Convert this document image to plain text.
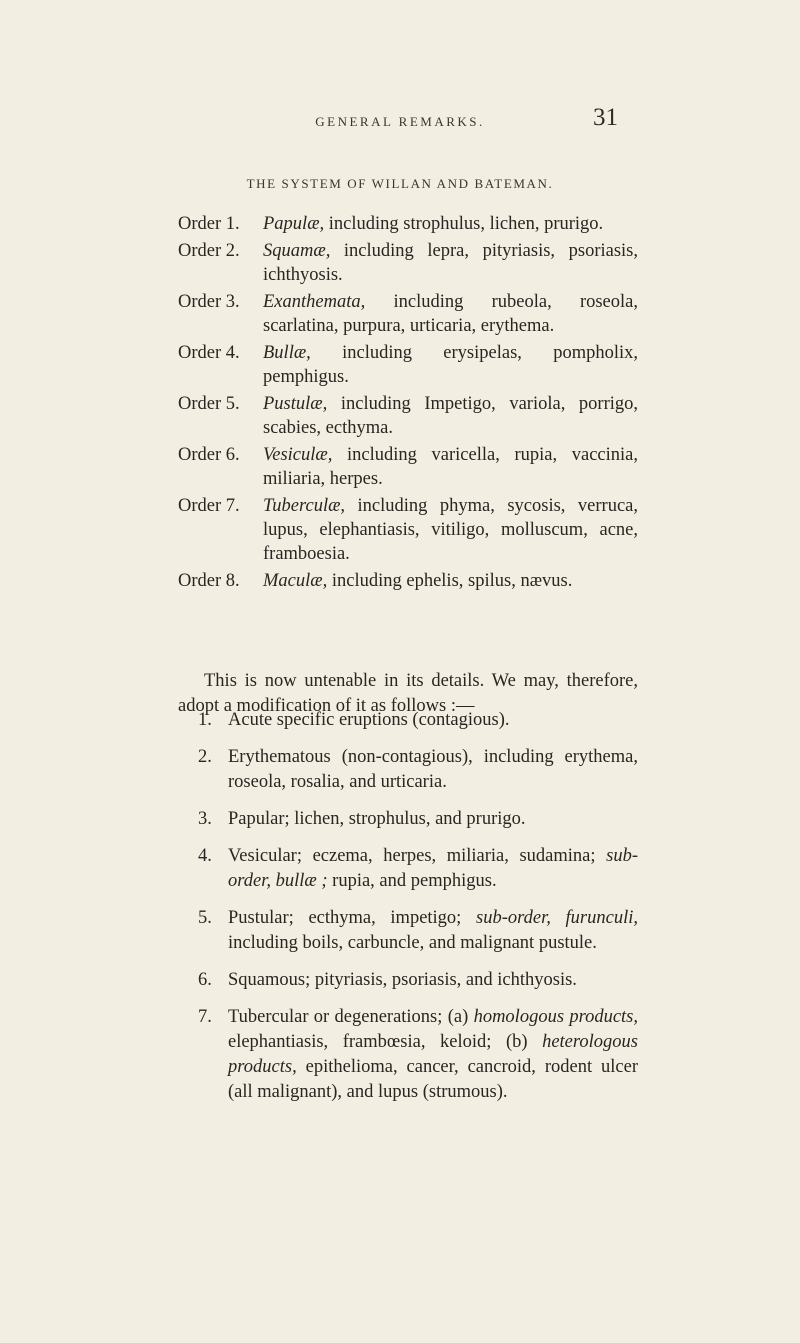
GENERAL REMARKS.	31
THE SYSTEM OF WILLAN AND BATEMAN.
Order 1. Papulæ, including strophulus, lichen, prurigo.
Order 2. Squamæ, including lepra, pityriasis, psoriasis, ichthyosis.
Order 3. Exanthemata, including rubeola, roseola, scarlatina, purpura, urticaria, erythema.
Order 4. Bullæ, including erysipelas, pompholix, pemphigus.
Order 5. Pustulæ, including Impetigo, variola, porrigo, scabies, ecthyma.
Order 6. Vesiculæ, including varicella, rupia, vaccinia, miliaria, herpes.
Order 7. Tuberculæ, including phyma, sycosis, verruca, lupus, elephantiasis, vitiligo, molluscum, acne, framboesia.
Order 8. Maculæ, including ephelis, spilus, nævus.

This is now untenable in its details. We may, therefore, adopt a modification of it as follows :—

1. Acute specific eruptions (contagious).
2. Erythematous (non-contagious), including erythema, roseola, rosalia, and urticaria.
3. Papular; lichen, strophulus, and prurigo.
4. Vesicular; eczema, herpes, miliaria, sudamina; sub-order, bullæ ; rupia, and pemphigus.
5. Pustular; ecthyma, impetigo; sub-order, furunculi, including boils, carbuncle, and malignant pustule.
6. Squamous; pityriasis, psoriasis, and ichthyosis.
7. Tubercular or degenerations; (a) homologous products, elephantiasis, frambœsia, keloid; (b) heterologous products, epithelioma, cancer, cancroid, rodent ulcer (all malignant), and lupus (strumous).
